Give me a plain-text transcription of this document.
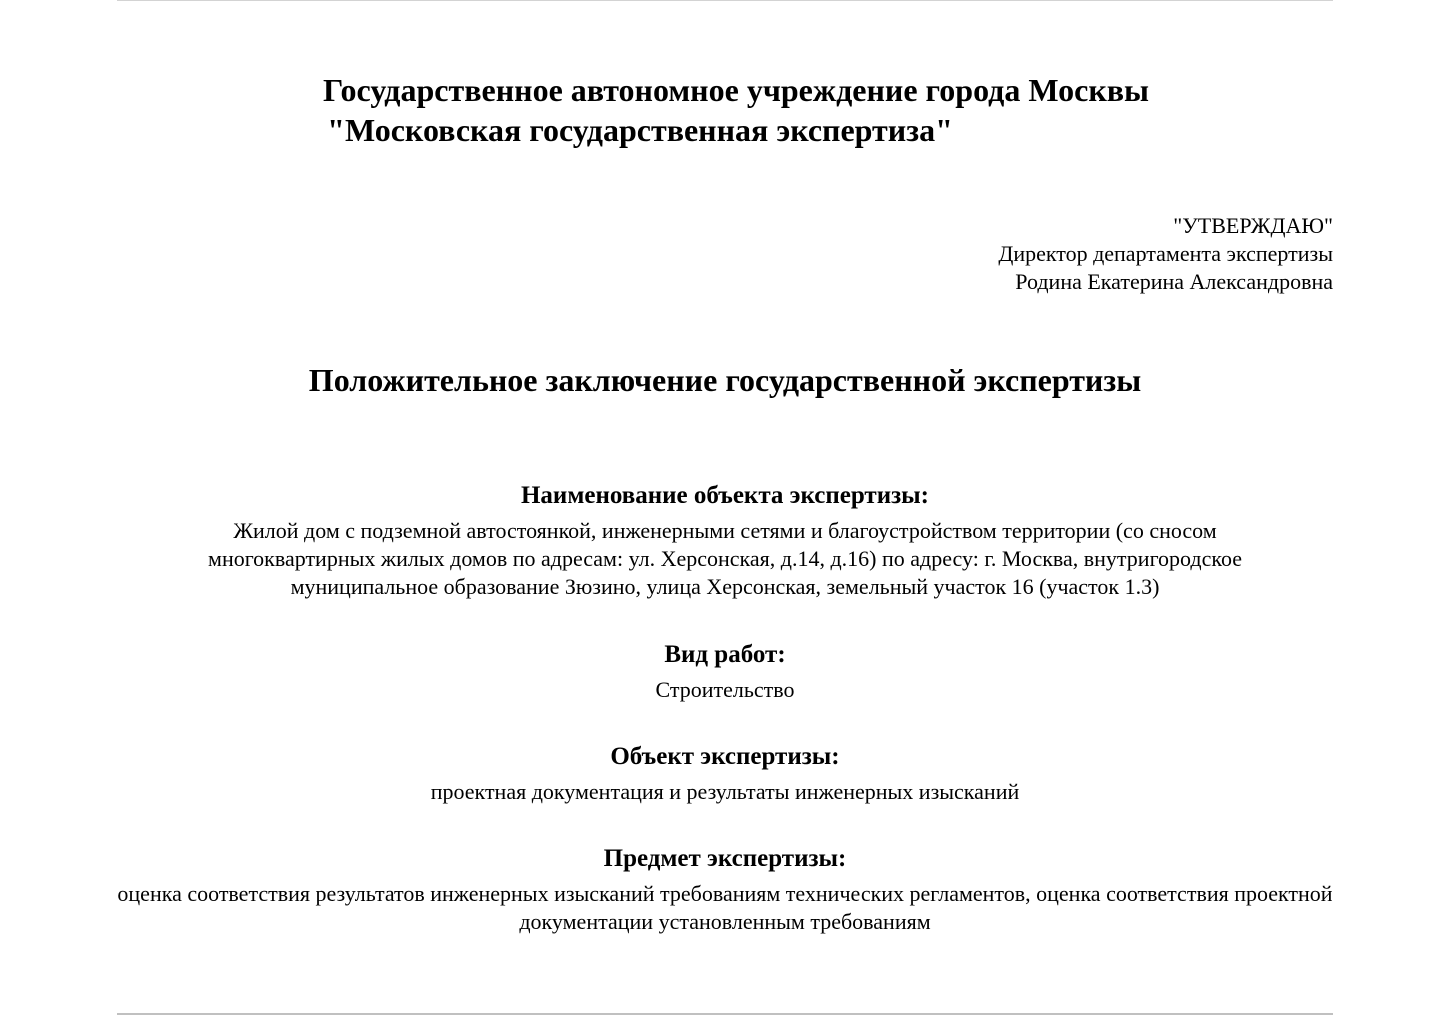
Государственное автономное учреждение города Москвы
"Московская государственная экспертиза"
"УТВЕРЖДАЮ"
Директор департамента экспертизы
Родина Екатерина Александровна
Положительное заключение государственной экспертизы
Наименование объекта экспертизы:

Жилой дом с подземной автостоянкой, инженерными сетями и благоустройством территории (со сносом многоквартирных жилых домов по адресам: ул. Херсонская, д.14, д.16) по адресу: г. Москва, внутригородское муниципальное образование Зюзино, улица Херсонская, земельный участок 16 (участок 1.3)

Вид работ:

Строительство

Объект экспертизы:

проектная документация и результаты инженерных изысканий

Предмет экспертизы:

оценка соответствия результатов инженерных изысканий требованиям технических регламентов, оценка соответствия проектной документации установленным требованиям
